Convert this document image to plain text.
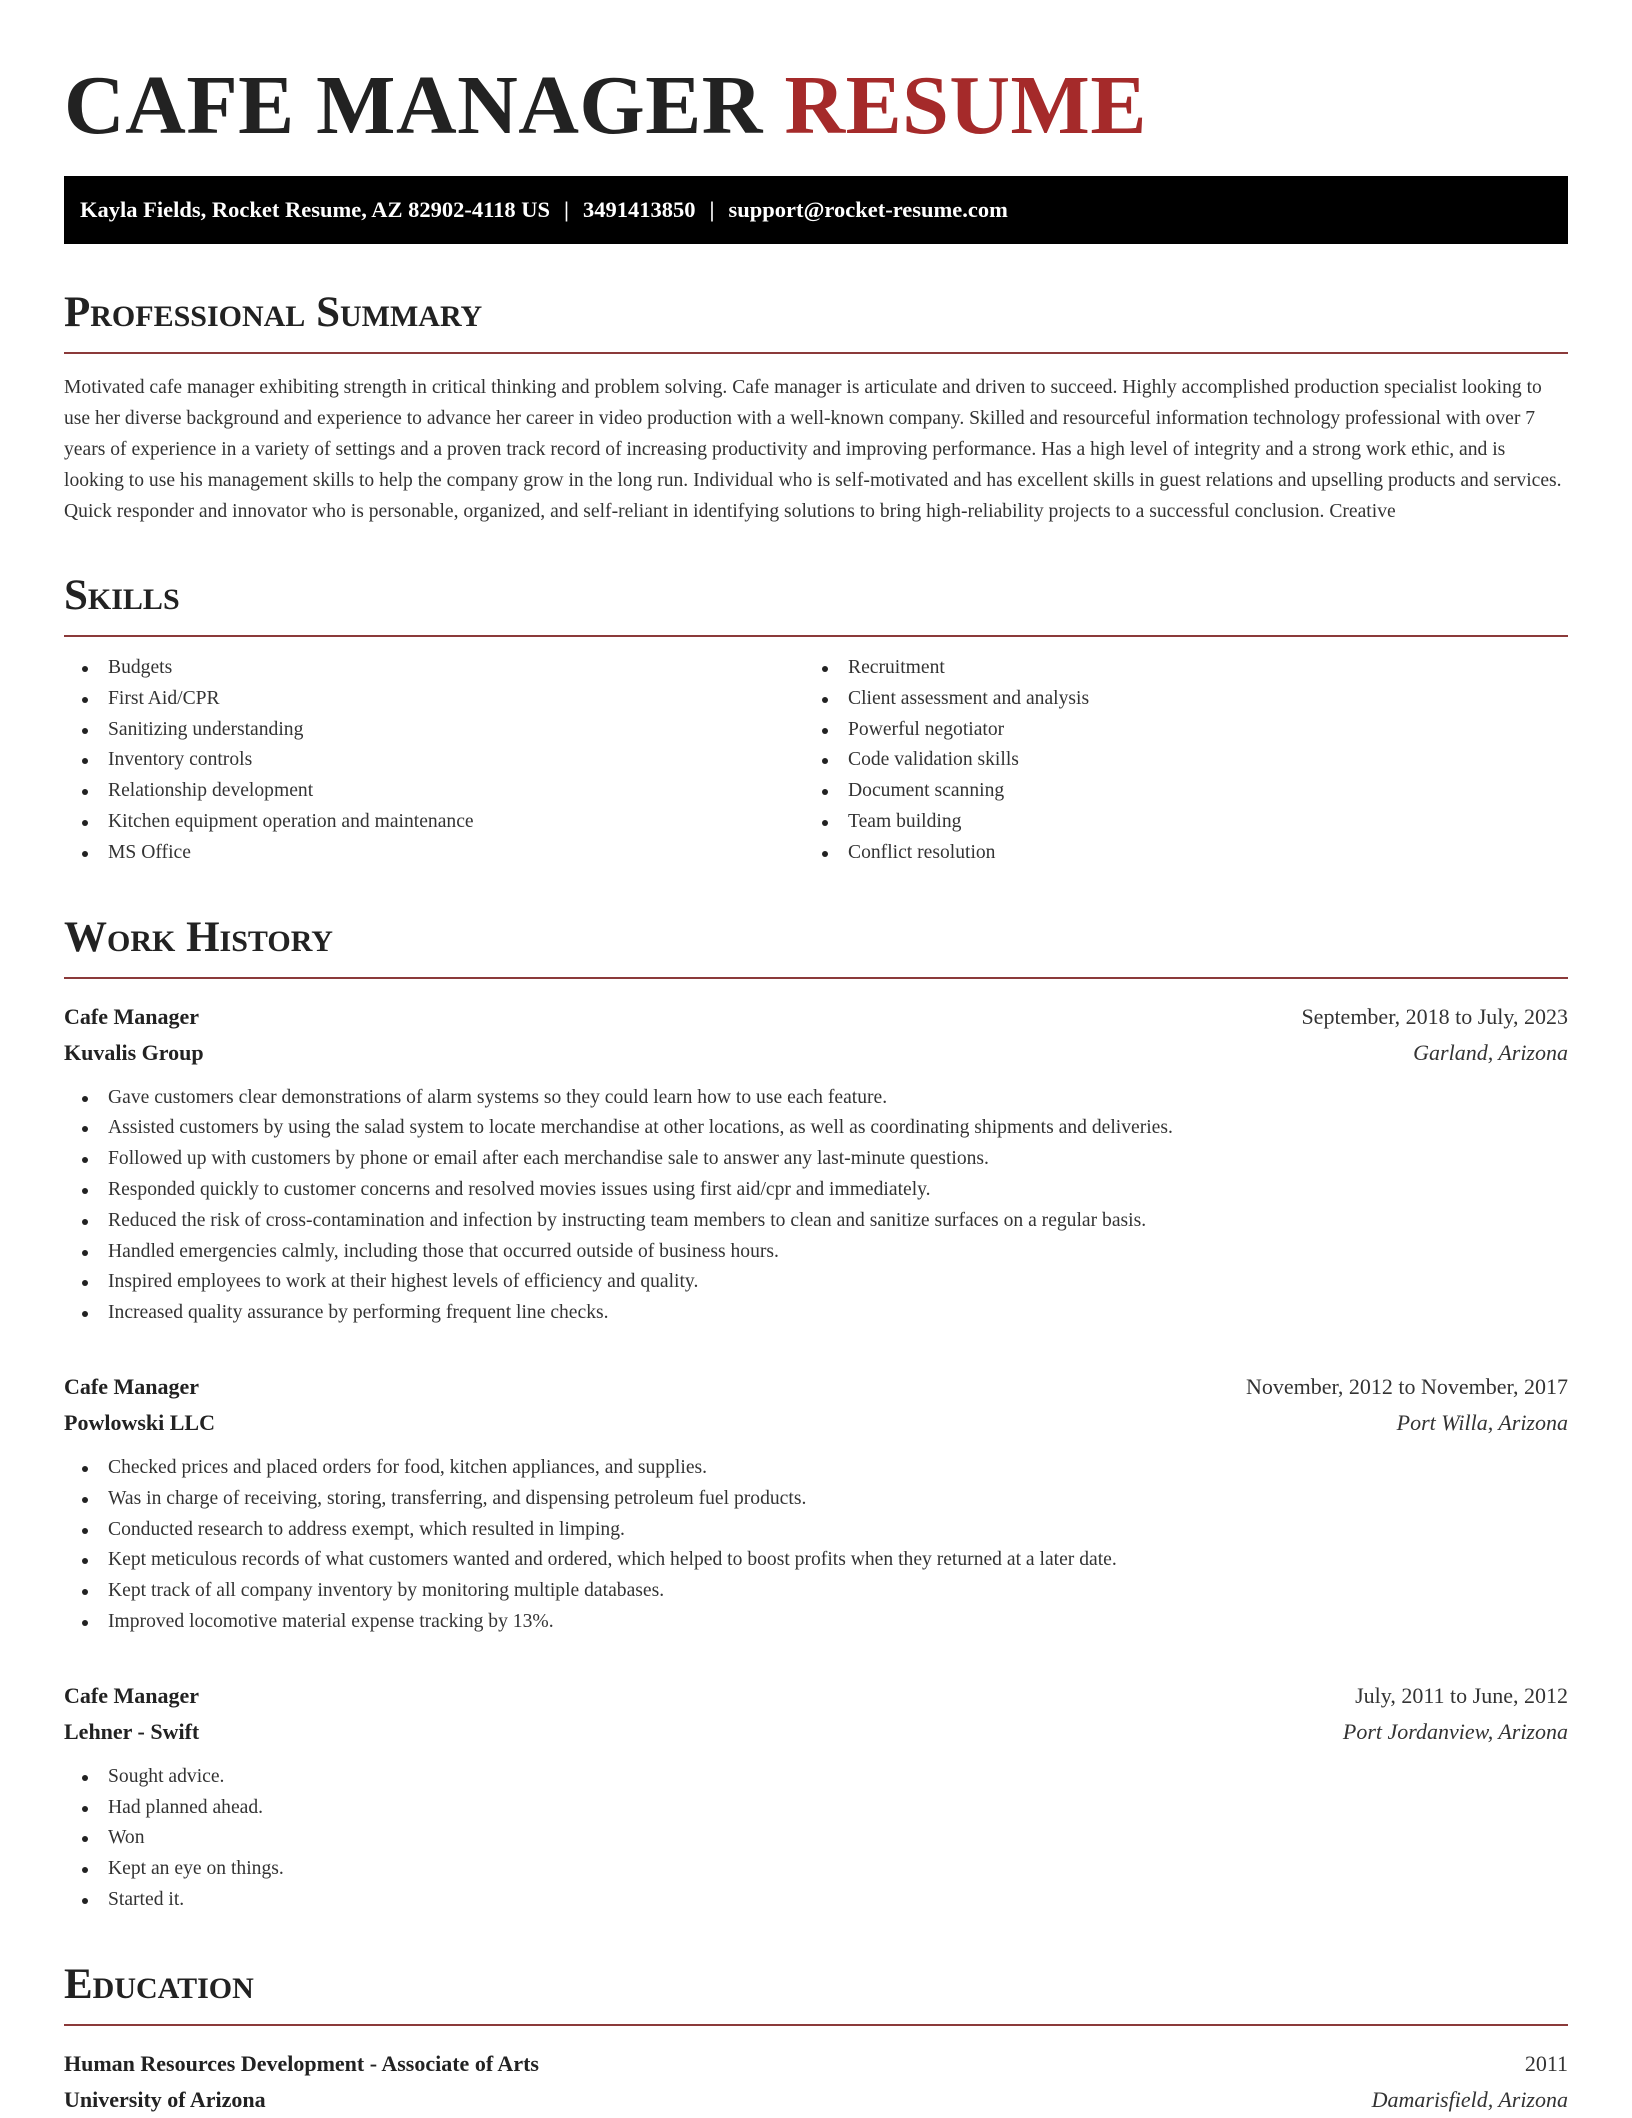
CAFE MANAGER RESUME
Kayla Fields, Rocket Resume, AZ 82902-4118 US | 3491413850 | support@rocket-resume.com
Professional Summary

Motivated cafe manager exhibiting strength in critical thinking and problem solving. Cafe manager is articulate and driven to succeed. Highly accomplished production specialist looking to use her diverse background and experience to advance her career in video production with a well-known company. Skilled and resourceful information technology professional with over 7 years of experience in a variety of settings and a proven track record of increasing productivity and improving performance. Has a high level of integrity and a strong work ethic, and is looking to use his management skills to help the company grow in the long run. Individual who is self-motivated and has excellent skills in guest relations and upselling products and services. Quick responder and innovator who is personable, organized, and self-reliant in identifying solutions to bring high-reliability projects to a successful conclusion. Creative

Skills
Budgets
First Aid/CPR
Sanitizing understanding
Inventory controls
Relationship development
Kitchen equipment operation and maintenance
MS Office
Recruitment
Client assessment and analysis
Powerful negotiator
Code validation skills
Document scanning
Team building
Conflict resolution
Work History
Cafe Manager	September, 2018 to July, 2023
Kuvalis Group	Garland, Arizona
Gave customers clear demonstrations of alarm systems so they could learn how to use each feature.
Assisted customers by using the salad system to locate merchandise at other locations, as well as coordinating shipments and deliveries.
Followed up with customers by phone or email after each merchandise sale to answer any last-minute questions.
Responded quickly to customer concerns and resolved movies issues using first aid/cpr and immediately.
Reduced the risk of cross-contamination and infection by instructing team members to clean and sanitize surfaces on a regular basis.
Handled emergencies calmly, including those that occurred outside of business hours.
Inspired employees to work at their highest levels of efficiency and quality.
Increased quality assurance by performing frequent line checks.
Cafe Manager	November, 2012 to November, 2017
Powlowski LLC	Port Willa, Arizona
Checked prices and placed orders for food, kitchen appliances, and supplies.
Was in charge of receiving, storing, transferring, and dispensing petroleum fuel products.
Conducted research to address exempt, which resulted in limping.
Kept meticulous records of what customers wanted and ordered, which helped to boost profits when they returned at a later date.
Kept track of all company inventory by monitoring multiple databases.
Improved locomotive material expense tracking by 13%.
Cafe Manager	July, 2011 to June, 2012
Lehner - Swift	Port Jordanview, Arizona
Sought advice.
Had planned ahead.
Won
Kept an eye on things.
Started it.
Education
Human Resources Development - Associate of Arts	2011
University of Arizona	Damarisfield, Arizona
